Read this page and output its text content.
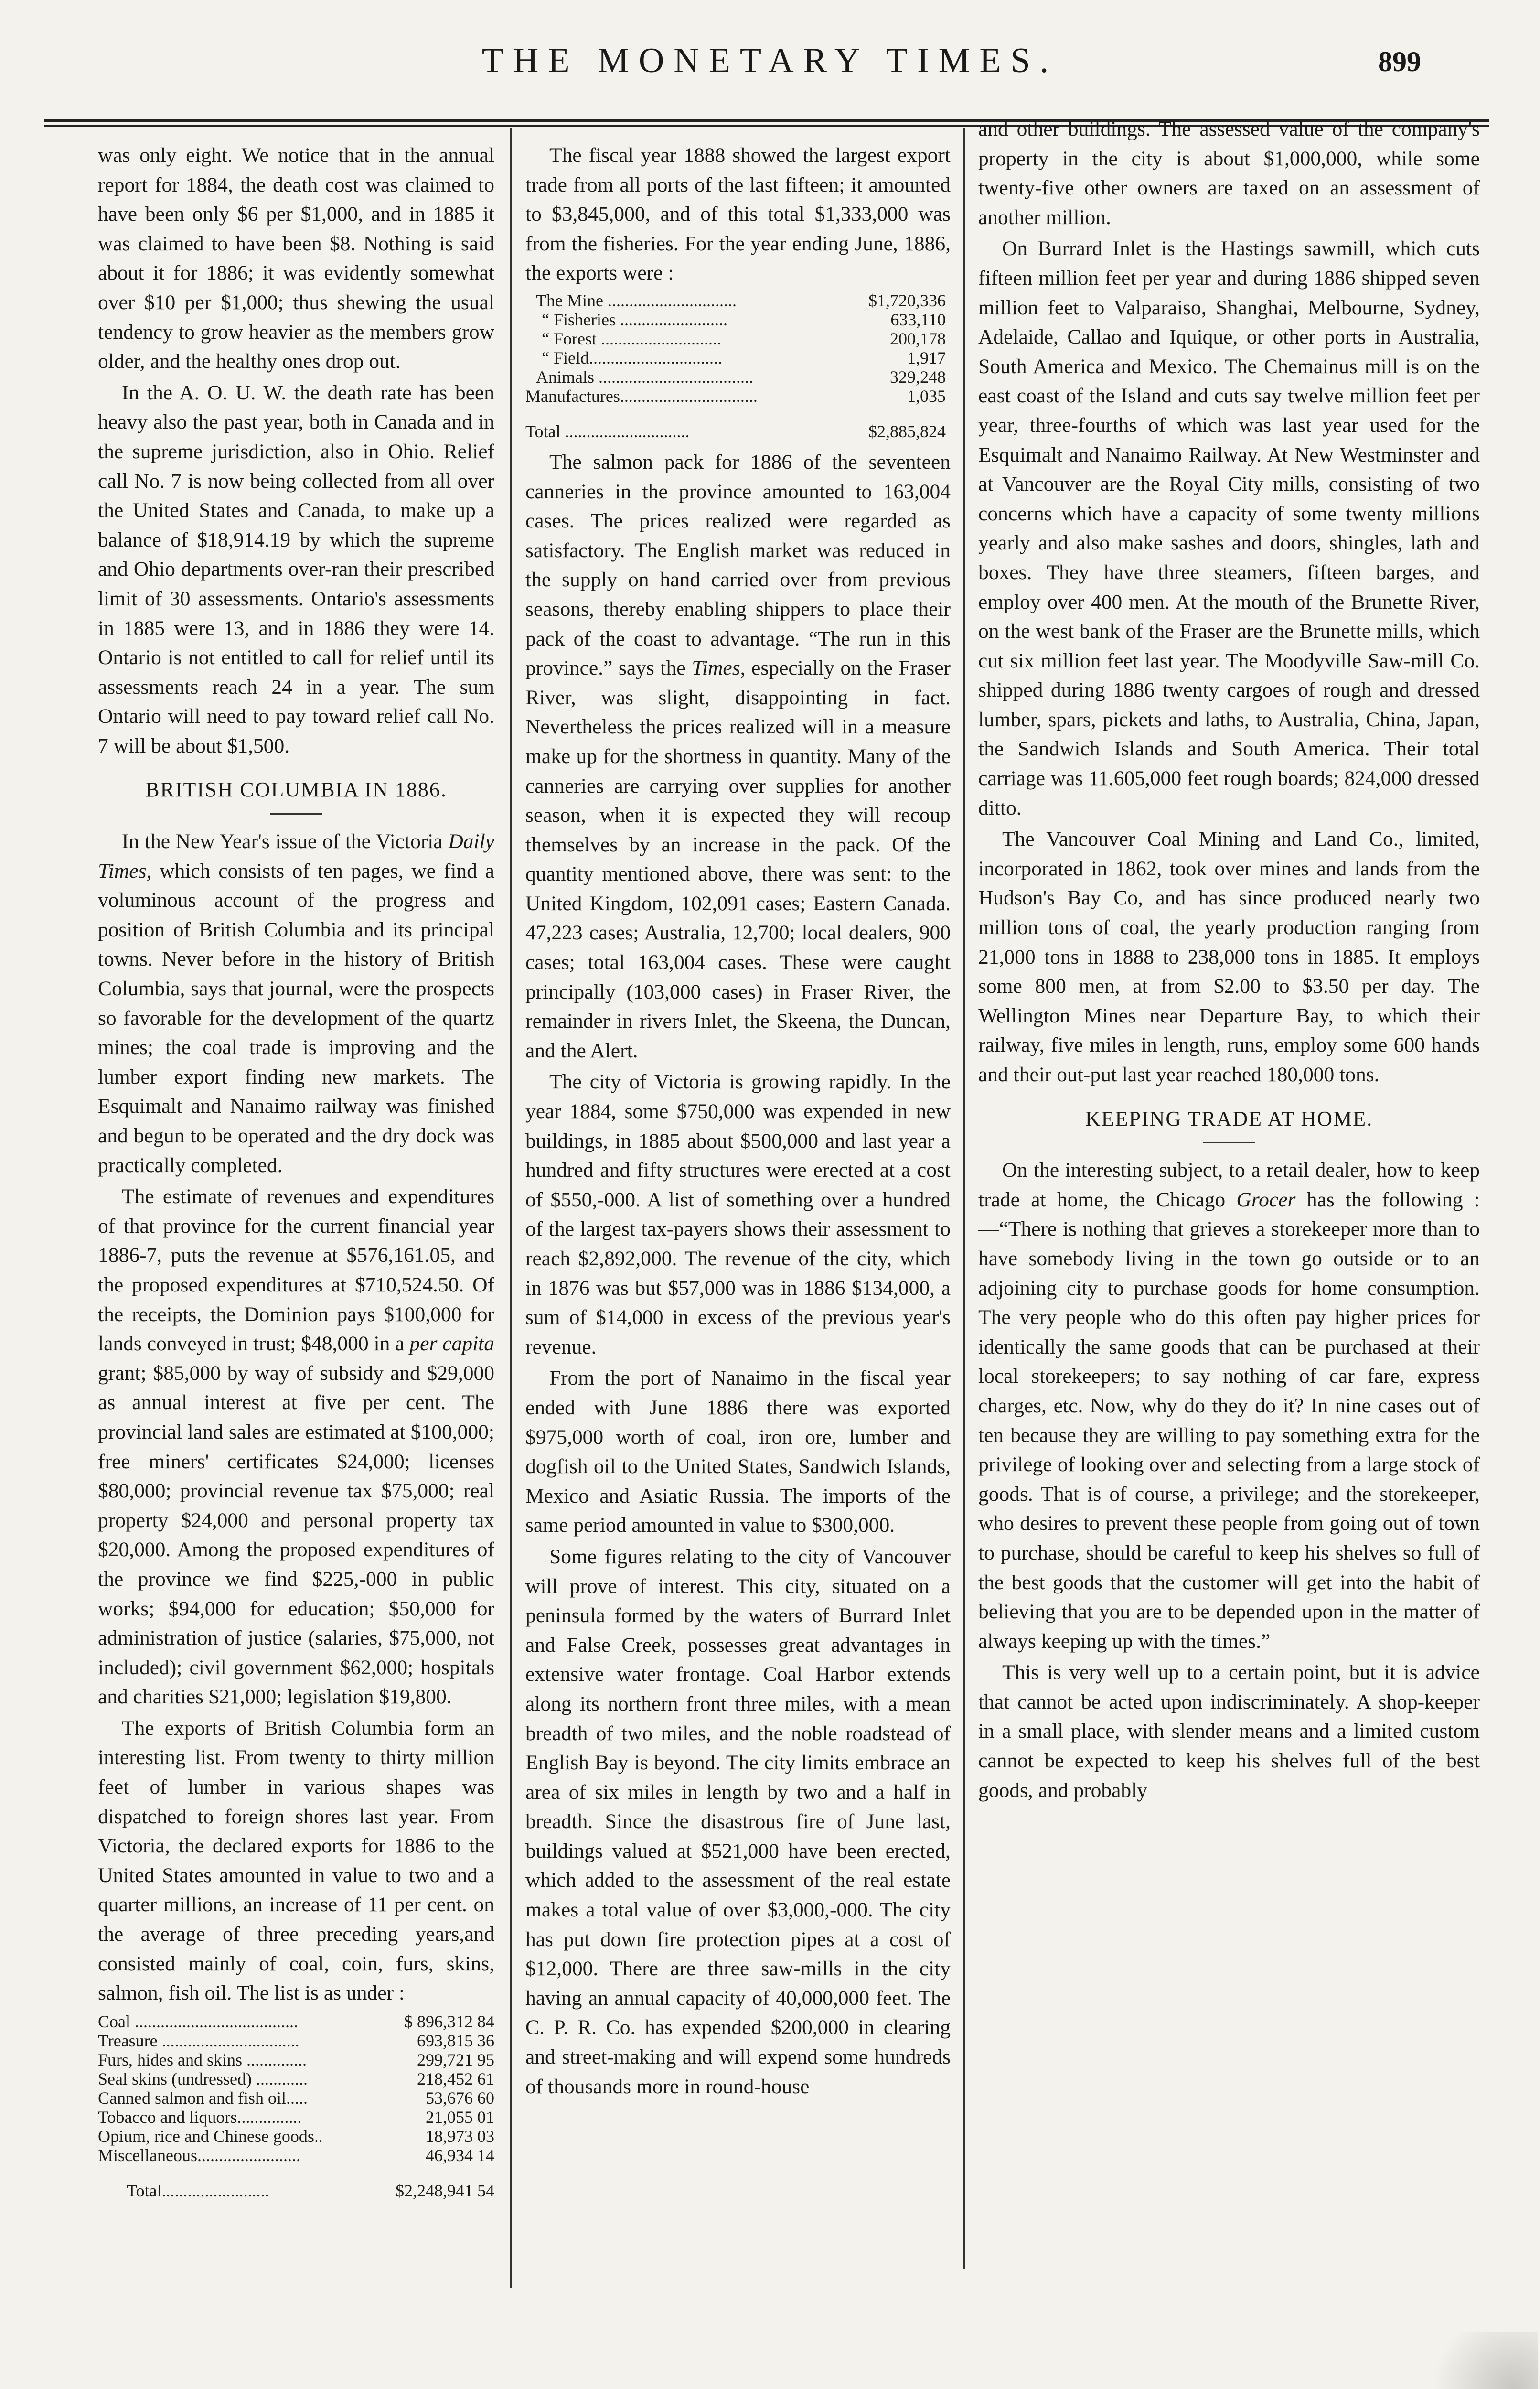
THE MONETARY TIMES.	899

was only eight. We notice that in the annual report for 1884, the death cost was claimed to have been only $6 per $1,000, and in 1885 it was claimed to have been $8. Nothing is said about it for 1886; it was evidently somewhat over $10 per $1,000; thus shewing the usual tendency to grow heavier as the members grow older, and the healthy ones drop out.

In the A. O. U. W. the death rate has been heavy also the past year, both in Canada and in the supreme jurisdiction, also in Ohio. Relief call No. 7 is now being collected from all over the United States and Canada, to make up a balance of $18,914.19 by which the supreme and Ohio departments over-ran their prescribed limit of 30 assessments. Ontario's assessments in 1885 were 13, and in 1886 they were 14. Ontario is not entitled to call for relief until its assessments reach 24 in a year. The sum Ontario will need to pay toward relief call No. 7 will be about $1,500.

BRITISH COLUMBIA IN 1886.

In the New Year's issue of the Victoria Daily Times, which consists of ten pages, we find a voluminous account of the progress and position of British Columbia and its principal towns. Never before in the history of British Columbia, says that journal, were the prospects so favorable for the development of the quartz mines; the coal trade is improving and the lumber export finding new markets. The Esquimalt and Nanaimo railway was finished and begun to be operated and the dry dock was practically completed.

The estimate of revenues and expenditures of that province for the current financial year 1886-7, puts the revenue at $576,161.05, and the proposed expenditures at $710,524.50. Of the receipts, the Dominion pays $100,000 for lands conveyed in trust; $48,000 in a per capita grant; $85,000 by way of subsidy and $29,000 as annual interest at five per cent. The provincial land sales are estimated at $100,000; free miners' certificates $24,000; licenses $80,000; provincial revenue tax $75,000; real property $24,000 and personal property tax $20,000. Among the proposed expenditures of the province we find $225,-000 in public works; $94,000 for education; $50,000 for administration of justice (salaries, $75,000, not included); civil government $62,000; hospitals and charities $21,000; legislation $19,800.

The exports of British Columbia form an interesting list. From twenty to thirty million feet of lumber in various shapes was dispatched to foreign shores last year. From Victoria, the declared exports for 1886 to the United States amounted in value to two and a quarter millions, an increase of 11 per cent. on the average of three preceding years,and consisted mainly of coal, coin, furs, skins, salmon, fish oil. The list is as under :

Coal ......................................	$ 896,312 84
Treasure ................................	693,815 36
Furs, hides and skins ..............	299,721 95
Seal skins (undressed) ............	218,452 61
Canned salmon and fish oil.....	53,676 60
Tobacco and liquors...............	21,055 01
Opium, rice and Chinese goods..	18,973 03
Miscellaneous........................	46,934 14
Total.........................	$2,248,941 54

The fiscal year 1888 showed the largest export trade from all ports of the last fifteen; it amounted to $3,845,000, and of this total $1,333,000 was from the fisheries. For the year ending June, 1886, the exports were :

The Mine ..............................	$1,720,336
“ Fisheries .........................	633,110
“ Forest ............................	200,178
“ Field...............................	1,917
Animals ....................................	329,248
Manufactures................................	1,035
Total .............................	$2,885,824

The salmon pack for 1886 of the seventeen canneries in the province amounted to 163,004 cases. The prices realized were regarded as satisfactory. The English market was reduced in the supply on hand carried over from previous seasons, thereby enabling shippers to place their pack of the coast to advantage. “The run in this province.” says the Times, especially on the Fraser River, was slight, disappointing in fact. Nevertheless the prices realized will in a measure make up for the shortness in quantity. Many of the canneries are carrying over supplies for another season, when it is expected they will recoup themselves by an increase in the pack. Of the quantity mentioned above, there was sent: to the United Kingdom, 102,091 cases; Eastern Canada. 47,223 cases; Australia, 12,700; local dealers, 900 cases; total 163,004 cases. These were caught principally (103,000 cases) in Fraser River, the remainder in rivers Inlet, the Skeena, the Duncan, and the Alert.

The city of Victoria is growing rapidly. In the year 1884, some $750,000 was expended in new buildings, in 1885 about $500,000 and last year a hundred and fifty structures were erected at a cost of $550,-000. A list of something over a hundred of the largest tax-payers shows their assessment to reach $2,892,000. The revenue of the city, which in 1876 was but $57,000 was in 1886 $134,000, a sum of $14,000 in excess of the previous year's revenue.

From the port of Nanaimo in the fiscal year ended with June 1886 there was exported $975,000 worth of coal, iron ore, lumber and dogfish oil to the United States, Sandwich Islands, Mexico and Asiatic Russia. The imports of the same period amounted in value to $300,000.

Some figures relating to the city of Vancouver will prove of interest. This city, situated on a peninsula formed by the waters of Burrard Inlet and False Creek, possesses great advantages in extensive water frontage. Coal Harbor extends along its northern front three miles, with a mean breadth of two miles, and the noble roadstead of English Bay is beyond. The city limits embrace an area of six miles in length by two and a half in breadth. Since the disastrous fire of June last, buildings valued at $521,000 have been erected, which added to the assessment of the real estate makes a total value of over $3,000,-000. The city has put down fire protection pipes at a cost of $12,000. There are three saw-mills in the city having an annual capacity of 40,000,000 feet. The C. P. R. Co. has expended $200,000 in clearing and street-making and will expend some hundreds of thousands more in round-house

and other buildings. The assessed value of the company's property in the city is about $1,000,000, while some twenty-five other owners are taxed on an assessment of another million.

On Burrard Inlet is the Hastings sawmill, which cuts fifteen million feet per year and during 1886 shipped seven million feet to Valparaiso, Shanghai, Melbourne, Sydney, Adelaide, Callao and Iquique, or other ports in Australia, South America and Mexico. The Chemainus mill is on the east coast of the Island and cuts say twelve million feet per year, three-fourths of which was last year used for the Esquimalt and Nanaimo Railway. At New Westminster and at Vancouver are the Royal City mills, consisting of two concerns which have a capacity of some twenty millions yearly and also make sashes and doors, shingles, lath and boxes. They have three steamers, fifteen barges, and employ over 400 men. At the mouth of the Brunette River, on the west bank of the Fraser are the Brunette mills, which cut six million feet last year. The Moodyville Saw-mill Co. shipped during 1886 twenty cargoes of rough and dressed lumber, spars, pickets and laths, to Australia, China, Japan, the Sandwich Islands and South America. Their total carriage was 11.605,000 feet rough boards; 824,000 dressed ditto.

The Vancouver Coal Mining and Land Co., limited, incorporated in 1862, took over mines and lands from the Hudson's Bay Co, and has since produced nearly two million tons of coal, the yearly production ranging from 21,000 tons in 1888 to 238,000 tons in 1885. It employs some 800 men, at from $2.00 to $3.50 per day. The Wellington Mines near Departure Bay, to which their railway, five miles in length, runs, employ some 600 hands and their out-put last year reached 180,000 tons.

KEEPING TRADE AT HOME.

On the interesting subject, to a retail dealer, how to keep trade at home, the Chicago Grocer has the following :—“There is nothing that grieves a storekeeper more than to have somebody living in the town go outside or to an adjoining city to purchase goods for home consumption. The very people who do this often pay higher prices for identically the same goods that can be purchased at their local storekeepers; to say nothing of car fare, express charges, etc. Now, why do they do it? In nine cases out of ten because they are willing to pay something extra for the privilege of looking over and selecting from a large stock of goods. That is of course, a privilege; and the storekeeper, who desires to prevent these people from going out of town to purchase, should be careful to keep his shelves so full of the best goods that the customer will get into the habit of believing that you are to be depended upon in the matter of always keeping up with the times.”

This is very well up to a certain point, but it is advice that cannot be acted upon indiscriminately. A shop-keeper in a small place, with slender means and a limited custom cannot be expected to keep his shelves full of the best goods, and probably
